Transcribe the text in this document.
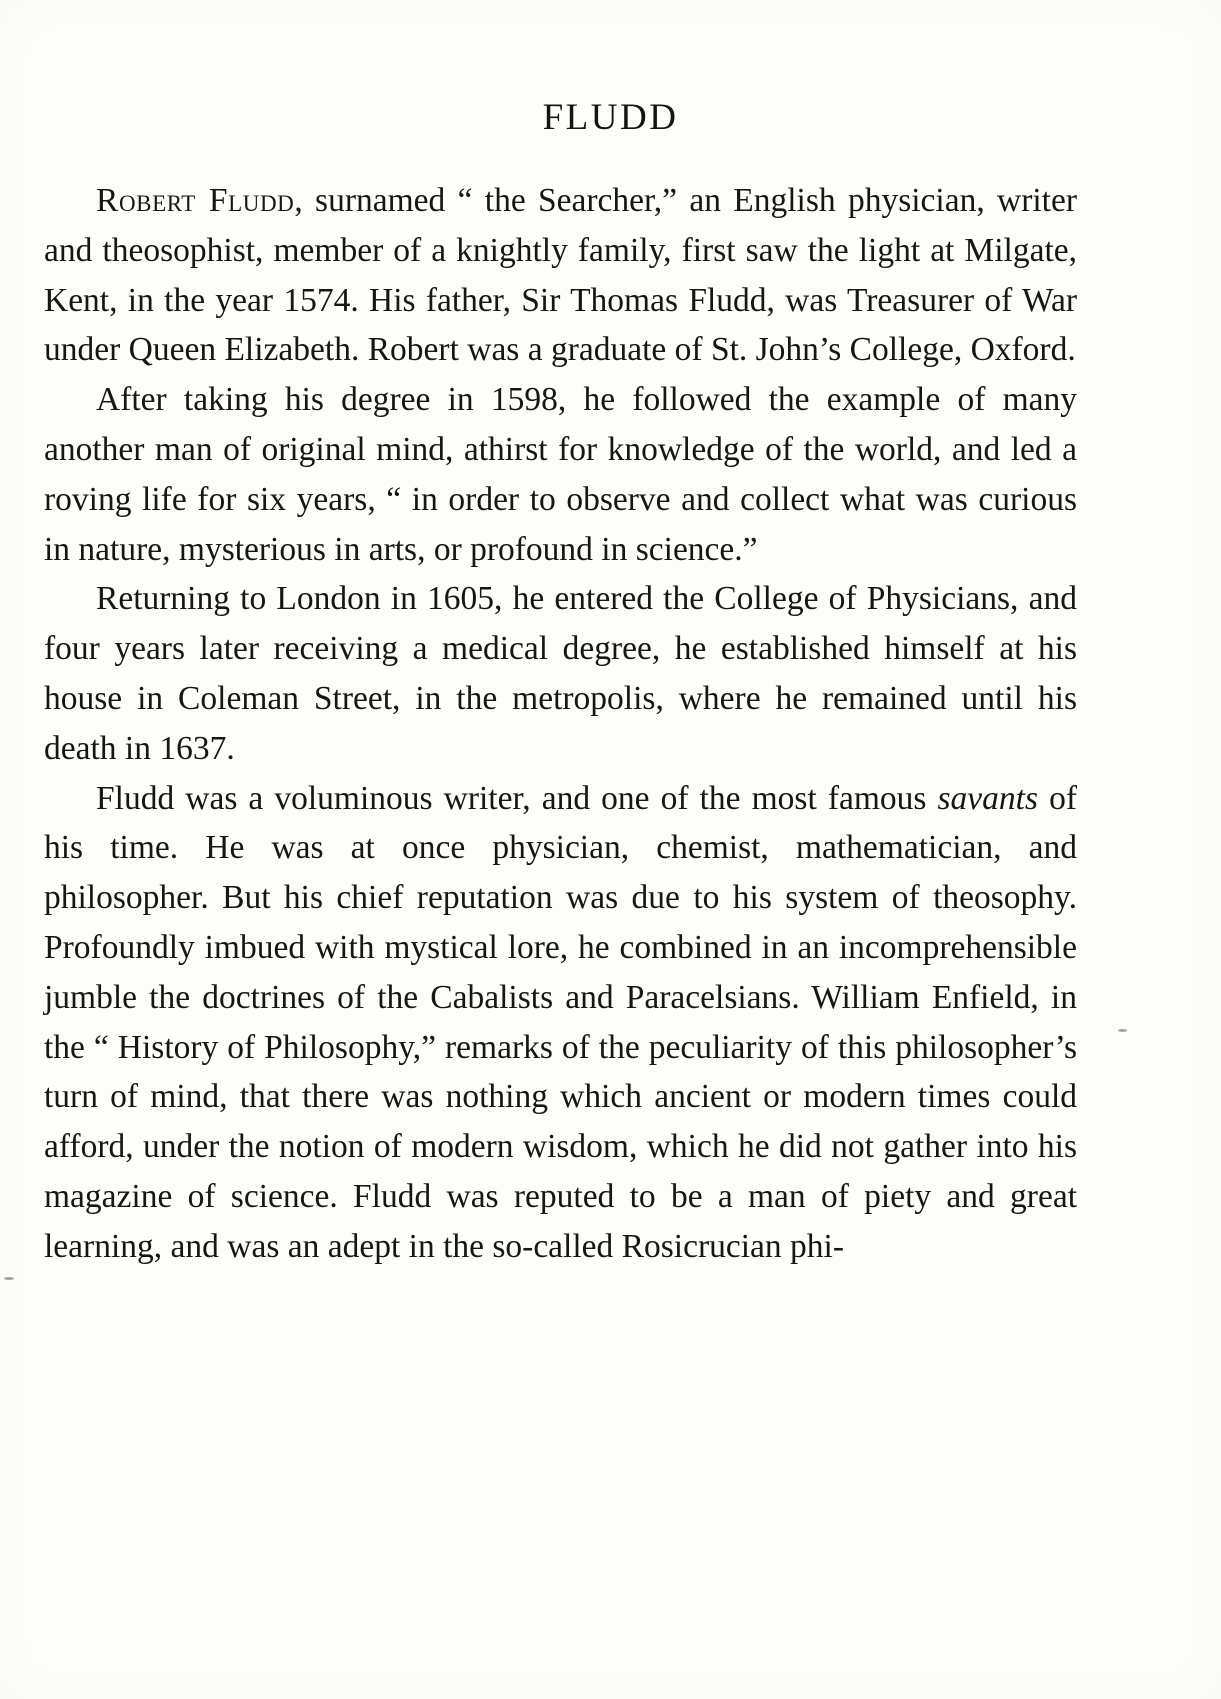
FLUDD

Robert Fludd, surnamed “ the Searcher,” an English physician, writer and theosophist, member of a knightly family, first saw the light at Milgate, Kent, in the year 1574. His father, Sir Thomas Fludd, was Treasurer of War under Queen Elizabeth. Robert was a graduate of St. John’s College, Oxford.

After taking his degree in 1598, he followed the example of many another man of original mind, athirst for knowledge of the world, and led a roving life for six years, “ in order to observe and collect what was curious in nature, mysterious in arts, or profound in science.”

Returning to London in 1605, he entered the College of Physicians, and four years later receiving a medical degree, he established himself at his house in Coleman Street, in the metropolis, where he remained until his death in 1637.

Fludd was a voluminous writer, and one of the most famous savants of his time. He was at once physician, chemist, mathematician, and philosopher. But his chief reputation was due to his system of theosophy. Profoundly imbued with mystical lore, he combined in an incomprehensible jumble the doctrines of the Cabalists and Paracelsians. William Enfield, in the “ History of Philosophy,” remarks of the peculiarity of this philosopher’s turn of mind, that there was nothing which ancient or modern times could afford, under the notion of modern wisdom, which he did not gather into his magazine of science. Fludd was reputed to be a man of piety and great learning, and was an adept in the so-called Rosicrucian phi-
